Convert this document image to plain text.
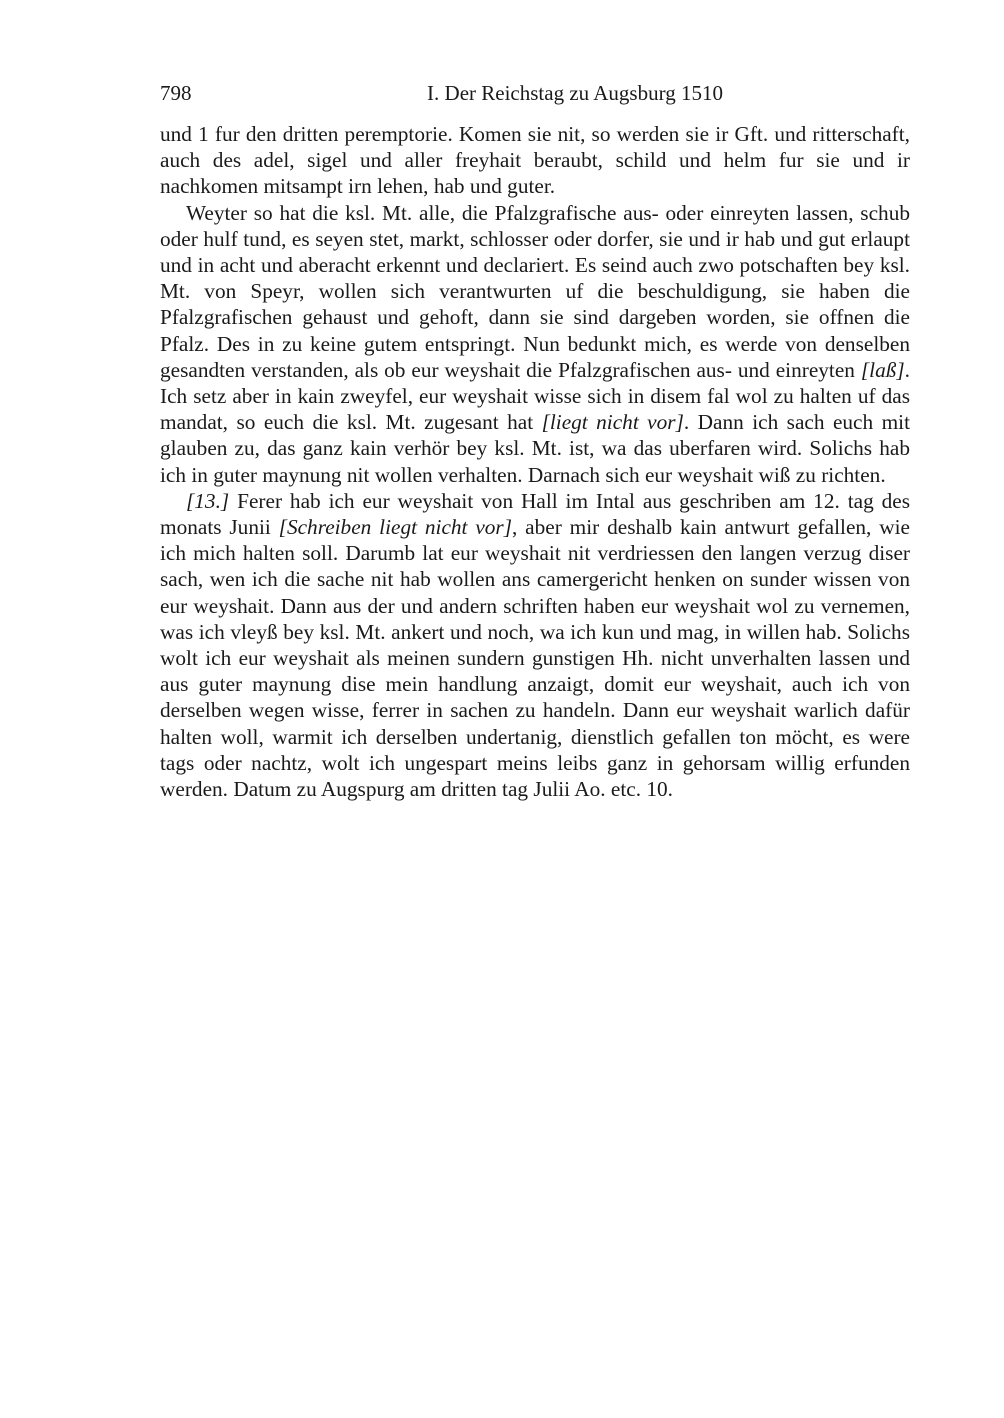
798	I. Der Reichstag zu Augsburg 1510

und 1 fur den dritten peremptorie. Komen sie nit, so werden sie ir Gft. und ritterschaft, auch des adel, sigel und aller freyhait beraubt, schild und helm fur sie und ir nachkomen mitsampt irn lehen, hab und guter.

Weyter so hat die ksl. Mt. alle, die Pfalzgrafische aus- oder einreyten lassen, schub oder hulf tund, es seyen stet, markt, schlosser oder dorfer, sie und ir hab und gut erlaupt und in acht und aberacht erkennt und declariert. Es seind auch zwo potschaften bey ksl. Mt. von Speyr, wollen sich verantwurten uf die beschuldigung, sie haben die Pfalzgrafischen gehaust und gehoft, dann sie sind dargeben worden, sie offnen die Pfalz. Des in zu keine gutem entspringt. Nun bedunkt mich, es werde von denselben gesandten verstanden, als ob eur weyshait die Pfalzgrafischen aus- und einreyten [laß]. Ich setz aber in kain zweyfel, eur weyshait wisse sich in disem fal wol zu halten uf das mandat, so euch die ksl. Mt. zugesant hat [liegt nicht vor]. Dann ich sach euch mit glauben zu, das ganz kain verhör bey ksl. Mt. ist, wa das uberfaren wird. Solichs hab ich in guter maynung nit wollen verhalten. Darnach sich eur weyshait wiß zu richten.

[13.] Ferer hab ich eur weyshait von Hall im Intal aus geschriben am 12. tag des monats Junii [Schreiben liegt nicht vor], aber mir deshalb kain antwurt gefallen, wie ich mich halten soll. Darumb lat eur weyshait nit verdriessen den langen verzug diser sach, wen ich die sache nit hab wollen ans camergericht henken on sunder wissen von eur weyshait. Dann aus der und andern schriften haben eur weyshait wol zu vernemen, was ich vleyß bey ksl. Mt. ankert und noch, wa ich kun und mag, in willen hab. Solichs wolt ich eur weyshait als meinen sundern gunstigen Hh. nicht unverhalten lassen und aus guter maynung dise mein handlung anzaigt, domit eur weyshait, auch ich von derselben wegen wisse, ferrer in sachen zu handeln. Dann eur weyshait warlich dafür halten woll, warmit ich derselben undertanig, dienstlich gefallen ton möcht, es were tags oder nachtz, wolt ich ungespart meins leibs ganz in gehorsam willig erfunden werden. Datum zu Augspurg am dritten tag Julii Ao. etc. 10.
